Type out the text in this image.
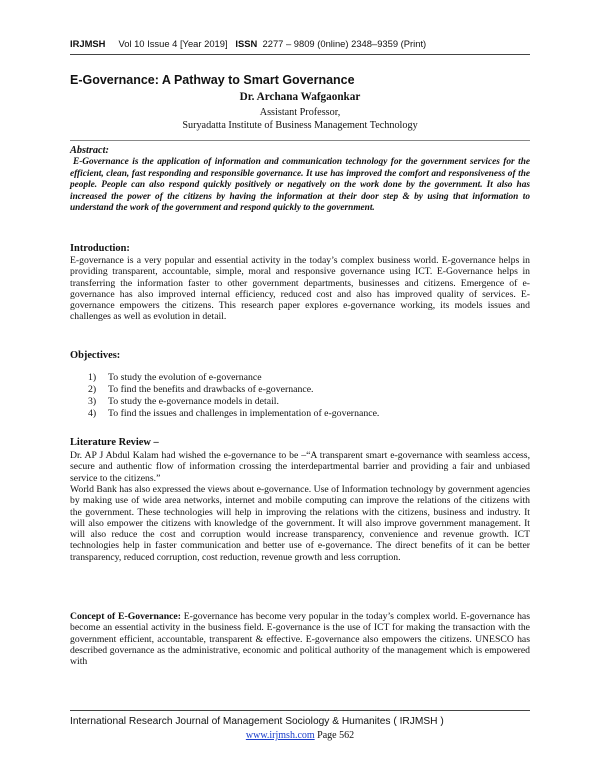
IRJMSH Vol 10 Issue 4 [Year 2019] ISSN 2277 – 9809 (0nline) 2348–9359 (Print)
E-Governance: A Pathway to Smart Governance
Dr. Archana Wafgaonkar
Assistant Professor,
Suryadatta Institute of Business Management Technology
Abstract:

E-Governance is the application of information and communication technology for the government services for the efficient, clean, fast responding and responsible governance. It use has improved the comfort and responsiveness of the people. People can also respond quickly positively or negatively on the work done by the government. It also has increased the power of the citizens by having the information at their door step & by using that information to understand the work of the government and respond quickly to the government.

Introduction:

E-governance is a very popular and essential activity in the today’s complex business world. E-governance helps in providing transparent, accountable, simple, moral and responsive governance using ICT. E-Governance helps in transferring the information faster to other government departments, businesses and citizens. Emergence of e-governance has also improved internal efficiency, reduced cost and also has improved quality of services. E-governance empowers the citizens. This research paper explores e-governance working, its models issues and challenges as well as evolution in detail.

Objectives:
1) To study the evolution of e-governance
2) To find the benefits and drawbacks of e-governance.
3) To study the e-governance models in detail.
4) To find the issues and challenges in implementation of e-governance.
Literature Review –

Dr. AP J Abdul Kalam had wished the e-governance to be –“A transparent smart e-governance with seamless access, secure and authentic flow of information crossing the interdepartmental barrier and providing a fair and unbiased service to the citizens.”

World Bank has also expressed the views about e-governance. Use of Information technology by government agencies by making use of wide area networks, internet and mobile computing can improve the relations of the citizens with the government. These technologies will help in improving the relations with the citizens, business and industry. It will also empower the citizens with knowledge of the government. It will also improve government management. It will also reduce the cost and corruption would increase transparency, convenience and revenue growth. ICT technologies help in faster communication and better use of e-governance. The direct benefits of it can be better transparency, reduced corruption, cost reduction, revenue growth and less corruption.

Concept of E-Governance: E-governance has become very popular in the today’s complex world. E-governance has become an essential activity in the business field. E-governance is the use of ICT for making the transaction with the government efficient, accountable, transparent & effective. E-governance also empowers the citizens. UNESCO has described governance as the administrative, economic and political authority of the management which is empowered with

International Research Journal of Management Sociology & Humanites ( IRJMSH )
www.irjmsh.com Page 562
